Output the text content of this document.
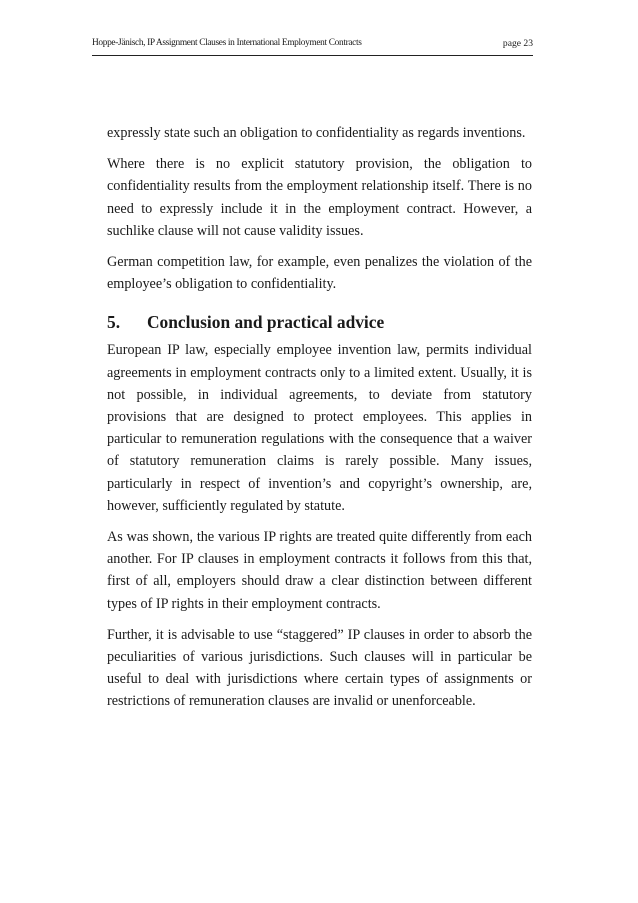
Hoppe-Jänisch, IP Assignment Clauses in International Employment Contracts	page 23

expressly state such an obligation to confidentiality as regards inventions.

Where there is no explicit statutory provision, the obligation to confidentiality results from the employment relationship itself. There is no need to expressly include it in the employment contract. However, a suchlike clause will not cause validity issues.

German competition law, for example, even penalizes the violation of the employee’s obligation to confidentiality.

5. Conclusion and practical advice

European IP law, especially employee invention law, permits individual agreements in employment contracts only to a limited extent. Usually, it is not possible, in individual agreements, to deviate from statutory provisions that are designed to protect employees. This applies in particular to remuneration regulations with the consequence that a waiver of statutory remuneration claims is rarely possible. Many issues, particularly in respect of invention’s and copyright’s ownership, are, however, sufficiently regulated by statute.

As was shown, the various IP rights are treated quite differently from each another. For IP clauses in employment contracts it follows from this that, first of all, employers should draw a clear distinction between different types of IP rights in their employment contracts.

Further, it is advisable to use “staggered” IP clauses in order to absorb the peculiarities of various jurisdictions. Such clauses will in particular be useful to deal with jurisdictions where certain types of assignments or restrictions of remuneration clauses are invalid or unenforceable.
